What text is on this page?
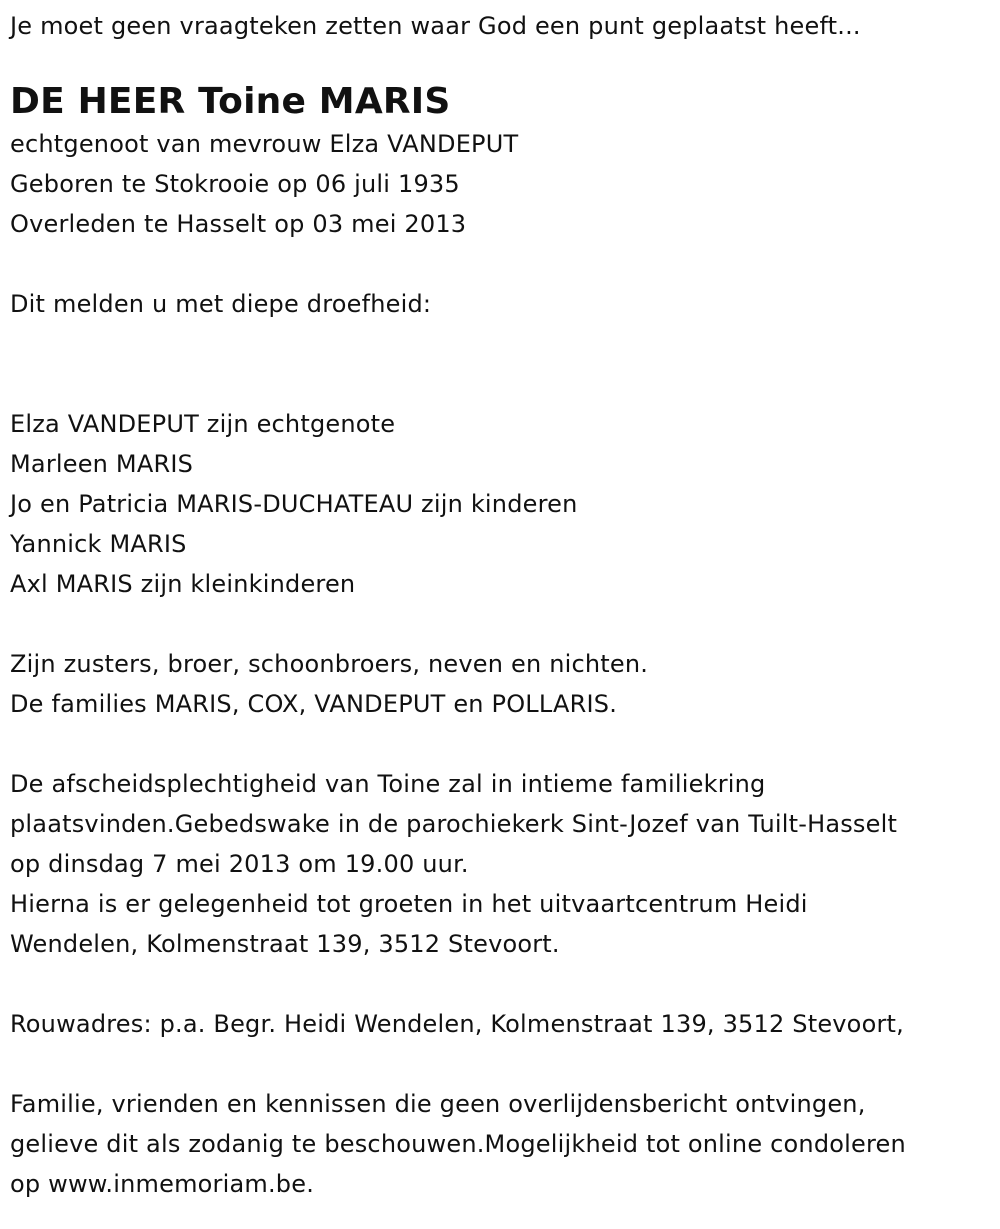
Je moet geen vraagteken zetten waar God een punt geplaatst heeft...
DE HEER Toine MARIS
echtgenoot van mevrouw Elza VANDEPUT
Geboren te Stokrooie op 06 juli 1935
Overleden te Hasselt op 03 mei 2013
Dit melden u met diepe droefheid:
Elza VANDEPUT zijn echtgenote
Marleen MARIS
Jo en Patricia MARIS-DUCHATEAU zijn kinderen
Yannick MARIS
Axl MARIS zijn kleinkinderen
Zijn zusters, broer, schoonbroers, neven en nichten.
De families MARIS, COX, VANDEPUT en POLLARIS.
De afscheidsplechtigheid van Toine zal in intieme familiekring
plaatsvinden.Gebedswake in de parochiekerk Sint-Jozef van Tuilt-Hasselt
op dinsdag 7 mei 2013 om 19.00 uur.
Hierna is er gelegenheid tot groeten in het uitvaartcentrum Heidi
Wendelen, Kolmenstraat 139, 3512 Stevoort.
Rouwadres: p.a. Begr. Heidi Wendelen, Kolmenstraat 139, 3512 Stevoort,
Familie, vrienden en kennissen die geen overlijdensbericht ontvingen,
gelieve dit als zodanig te beschouwen.Mogelijkheid tot online condoleren
op www.inmemoriam.be.
